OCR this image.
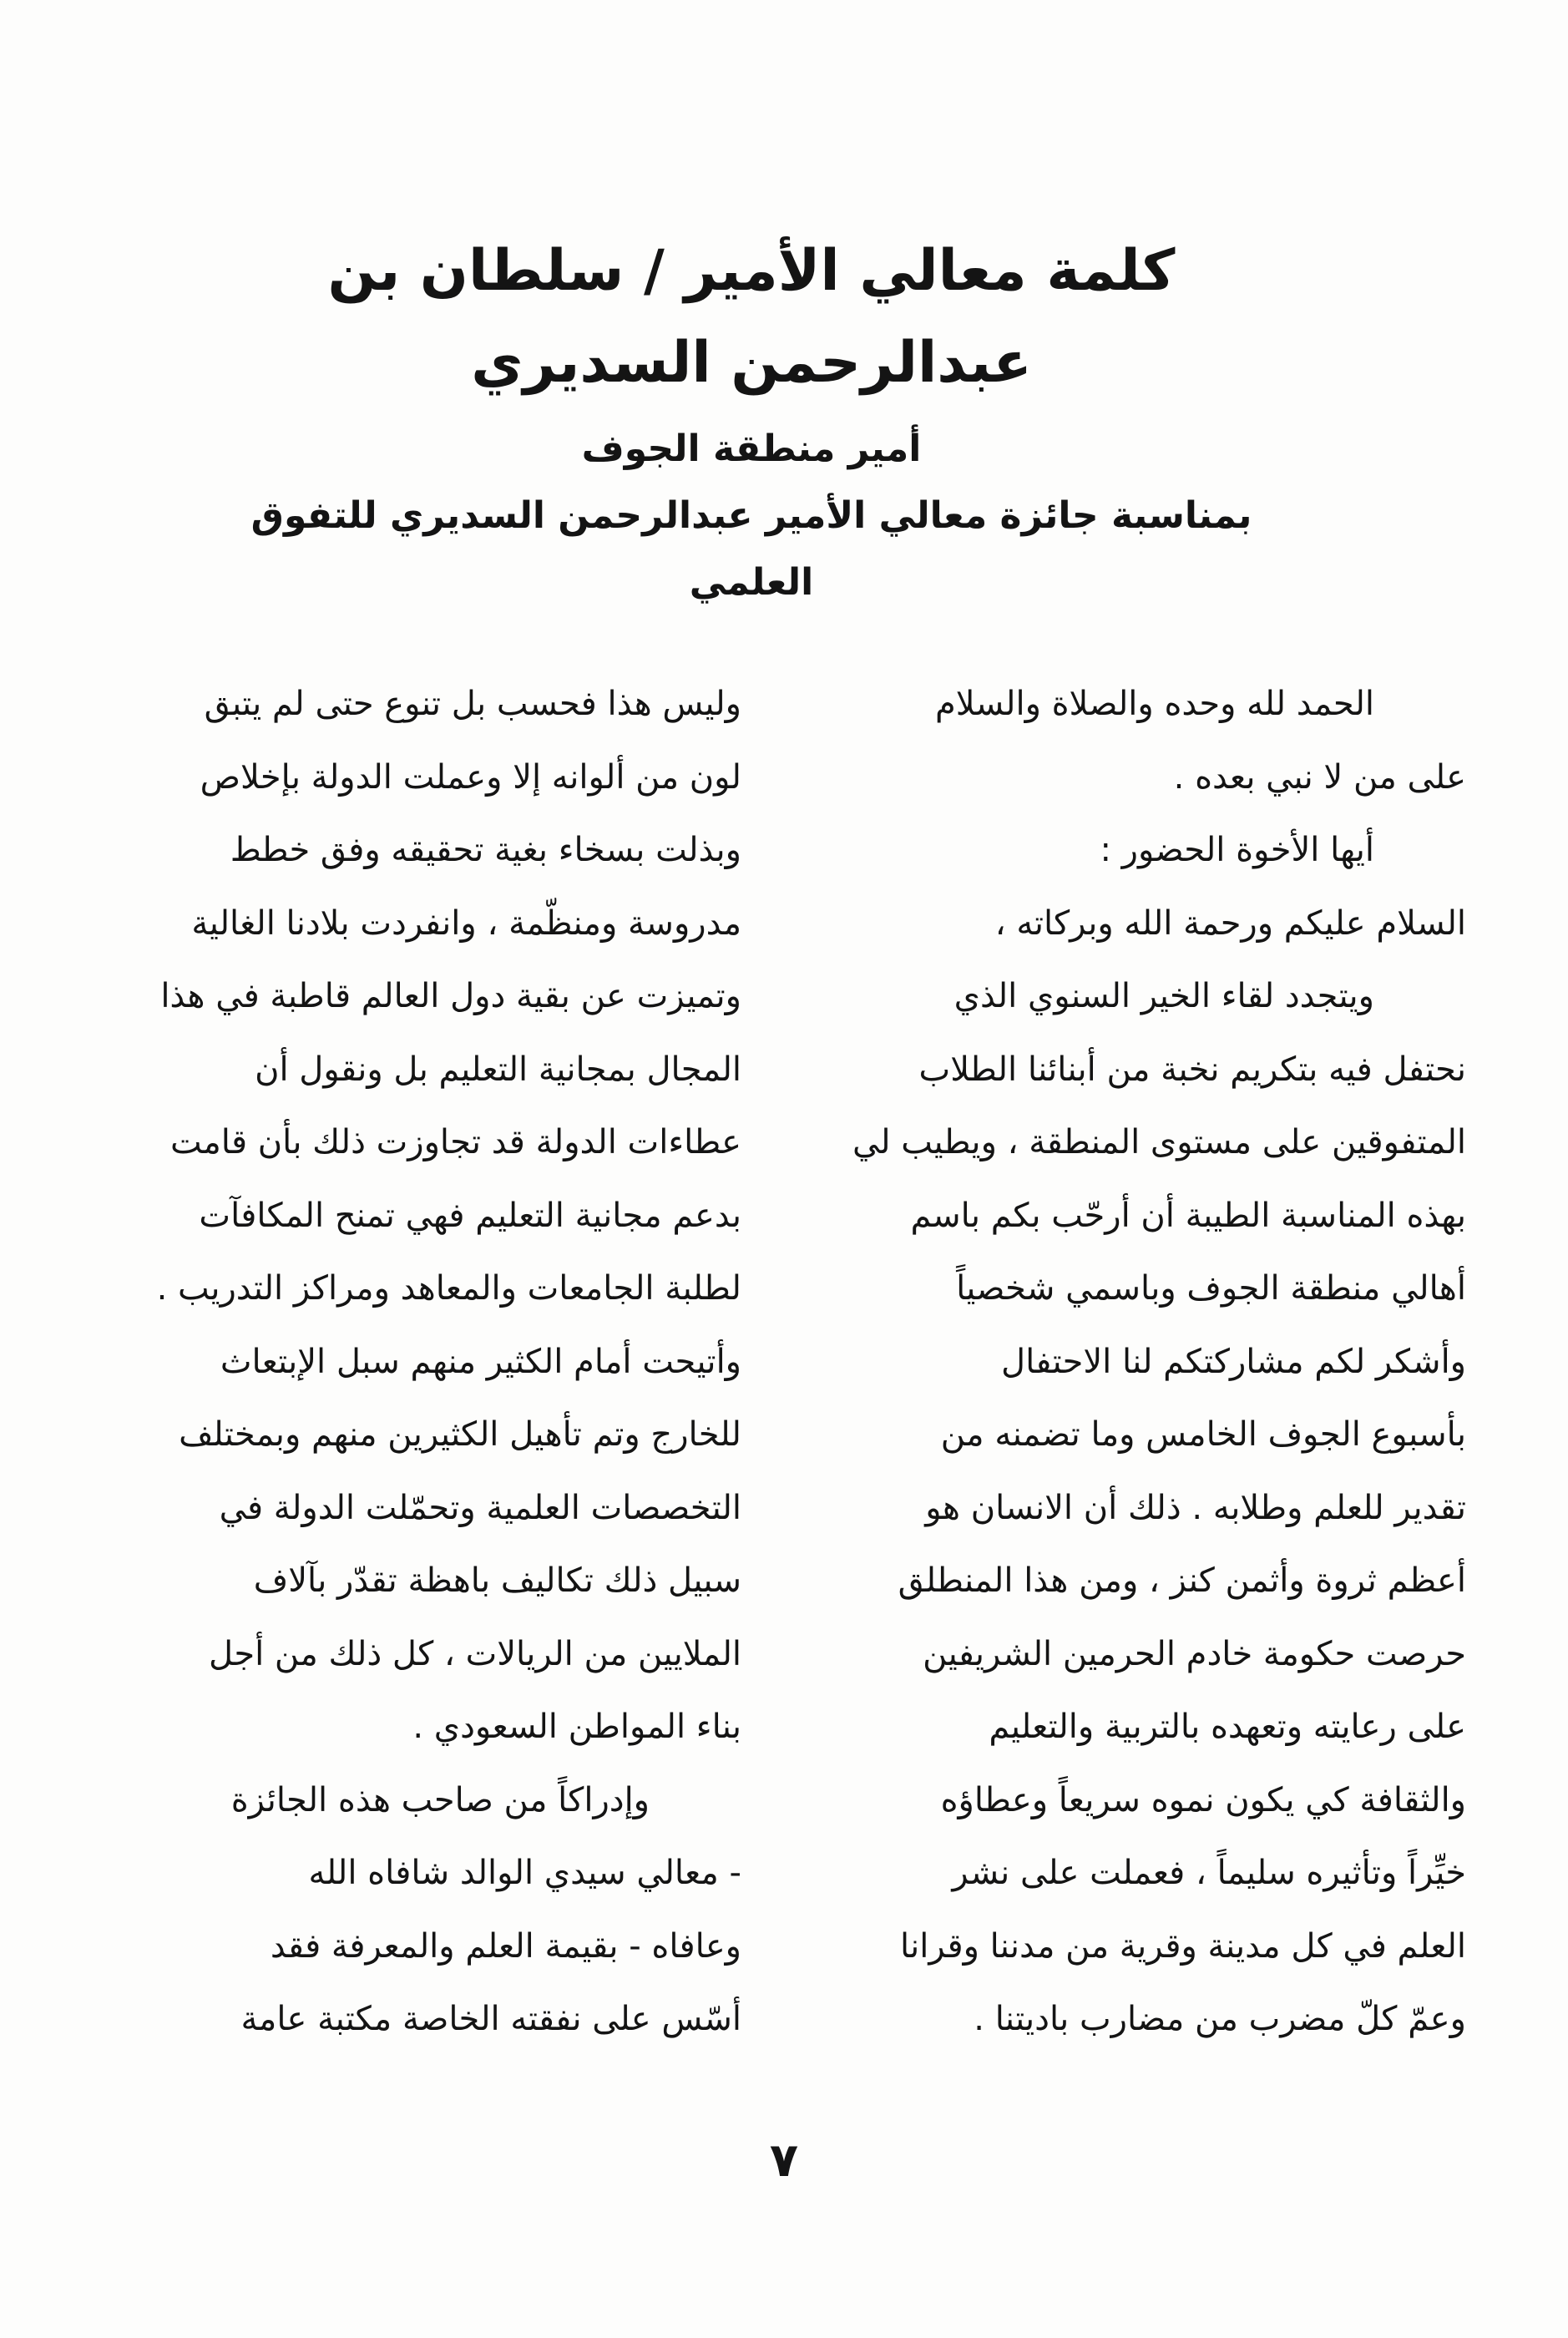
كلمة معالي الأمير / سلطان بن عبدالرحمن السديري

أمير منطقة الجوف

بمناسبة جائزة معالي الأمير عبدالرحمن السديري للتفوق العلمي

الحمد لله وحده والصلاة والسلام
على من لا نبي بعده .
أيها الأخوة الحضور :
السلام عليكم ورحمة الله وبركاته ،
ويتجدد لقاء الخير السنوي الذي
نحتفل فيه بتكريم نخبة من أبنائنا الطلاب
المتفوقين على مستوى المنطقة ، ويطيب لي
بهذه المناسبة الطيبة أن أرحّب بكم باسم
أهالي منطقة الجوف وباسمي شخصياً
وأشكر لكم مشاركتكم لنا الاحتفال
بأسبوع الجوف الخامس وما تضمنه من
تقدير للعلم وطلابه . ذلك أن الانسان هو
أعظم ثروة وأثمن كنز ، ومن هذا المنطلق
حرصت حكومة خادم الحرمين الشريفين
على رعايته وتعهده بالتربية والتعليم
والثقافة كي يكون نموه سريعاً وعطاؤه
خيِّراً وتأثيره سليماً ، فعملت على نشر
العلم في كل مدينة وقرية من مدننا وقرانا
وعمّ كلّ مضرب من مضارب باديتنا .
وليس هذا فحسب بل تنوع حتى لم يتبق
لون من ألوانه إلا وعملت الدولة بإخلاص
وبذلت بسخاء بغية تحقيقه وفق خطط
مدروسة ومنظّمة ، وانفردت بلادنا الغالية
وتميزت عن بقية دول العالم قاطبة في هذا
المجال بمجانية التعليم بل ونقول أن
عطاءات الدولة قد تجاوزت ذلك بأن قامت
بدعم مجانية التعليم فهي تمنح المكافآت
لطلبة الجامعات والمعاهد ومراكز التدريب .
وأتيحت أمام الكثير منهم سبل الإبتعاث
للخارج وتم تأهيل الكثيرين منهم وبمختلف
التخصصات العلمية وتحمّلت الدولة في
سبيل ذلك تكاليف باهظة تقدّر بآلاف
الملايين من الريالات ، كل ذلك من أجل
بناء المواطن السعودي .
وإدراكاً من صاحب هذه الجائزة
- معالي سيدي الوالد شافاه الله
وعافاه - بقيمة العلم والمعرفة فقد
أسّس على نفقته الخاصة مكتبة عامة
٧
